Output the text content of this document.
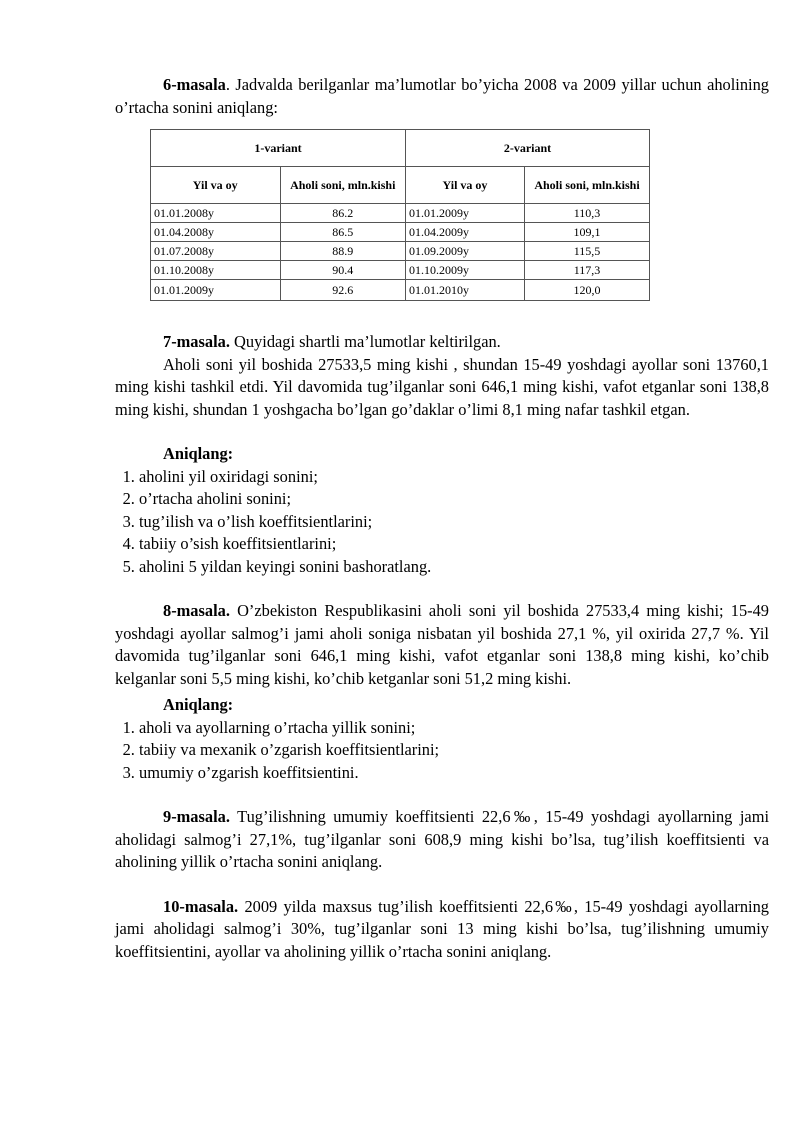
6-masala. Jadvalda berilganlar ma’lumotlar bo’yicha 2008 va 2009 yillar uchun aholining o’rtacha sonini aniqlang:

1-variant		2-variant	
Yil va oy	Aholi soni, mln.kishi	Yil va oy	Aholi soni, mln.kishi
01.01.2008y	86.2	01.01.2009y	110,3
01.04.2008y	86.5	01.04.2009y	109,1
01.07.2008y	88.9	01.09.2009y	115,5
01.10.2008y	90.4	01.10.2009y	117,3
01.01.2009y	92.6	01.01.2010y	120,0

7-masala. Quyidagi shartli ma’lumotlar keltirilgan.

Aholi soni yil boshida 27533,5 ming kishi , shundan 15-49 yoshdagi ayollar soni 13760,1 ming kishi tashkil etdi. Yil davomida tug’ilganlar soni 646,1 ming kishi, vafot etganlar soni 138,8 ming kishi, shundan 1 yoshgacha bo’lgan go’daklar o’limi 8,1 ming nafar tashkil etgan.

Aniqlang:
1. aholini yil oxiridagi sonini;
2. o’rtacha aholini sonini;
3. tug’ilish va o’lish koeffitsientlarini;
4. tabiiy o’sish koeffitsientlarini;
5. aholini 5 yildan keyingi sonini bashoratlang.

8-masala. O’zbekiston Respublikasini aholi soni yil boshida 27533,4 ming kishi; 15-49 yoshdagi ayollar salmog’i jami aholi soniga nisbatan yil boshida 27,1 %, yil oxirida 27,7 %. Yil davomida tug’ilganlar soni 646,1 ming kishi, vafot etganlar soni 138,8 ming kishi, ko’chib kelganlar soni 5,5 ming kishi, ko’chib ketganlar soni 51,2 ming kishi.

Aniqlang:
1. aholi va ayollarning o’rtacha yillik sonini;
2. tabiiy va mexanik o’zgarish koeffitsientlarini;
3. umumiy o’zgarish koeffitsientini.

9-masala. Tug’ilishning umumiy koeffitsienti 22,6‰, 15-49 yoshdagi ayollarning jami aholidagi salmog’i 27,1%, tug’ilganlar soni 608,9 ming kishi bo’lsa, tug’ilish koeffitsienti va aholining yillik o’rtacha sonini aniqlang.

10-masala. 2009 yilda maxsus tug’ilish koeffitsienti 22,6‰, 15-49 yoshdagi ayollarning jami aholidagi salmog’i 30%, tug’ilganlar soni 13 ming kishi bo’lsa, tug’ilishning umumiy koeffitsientini, ayollar va aholining yillik o’rtacha sonini aniqlang.
